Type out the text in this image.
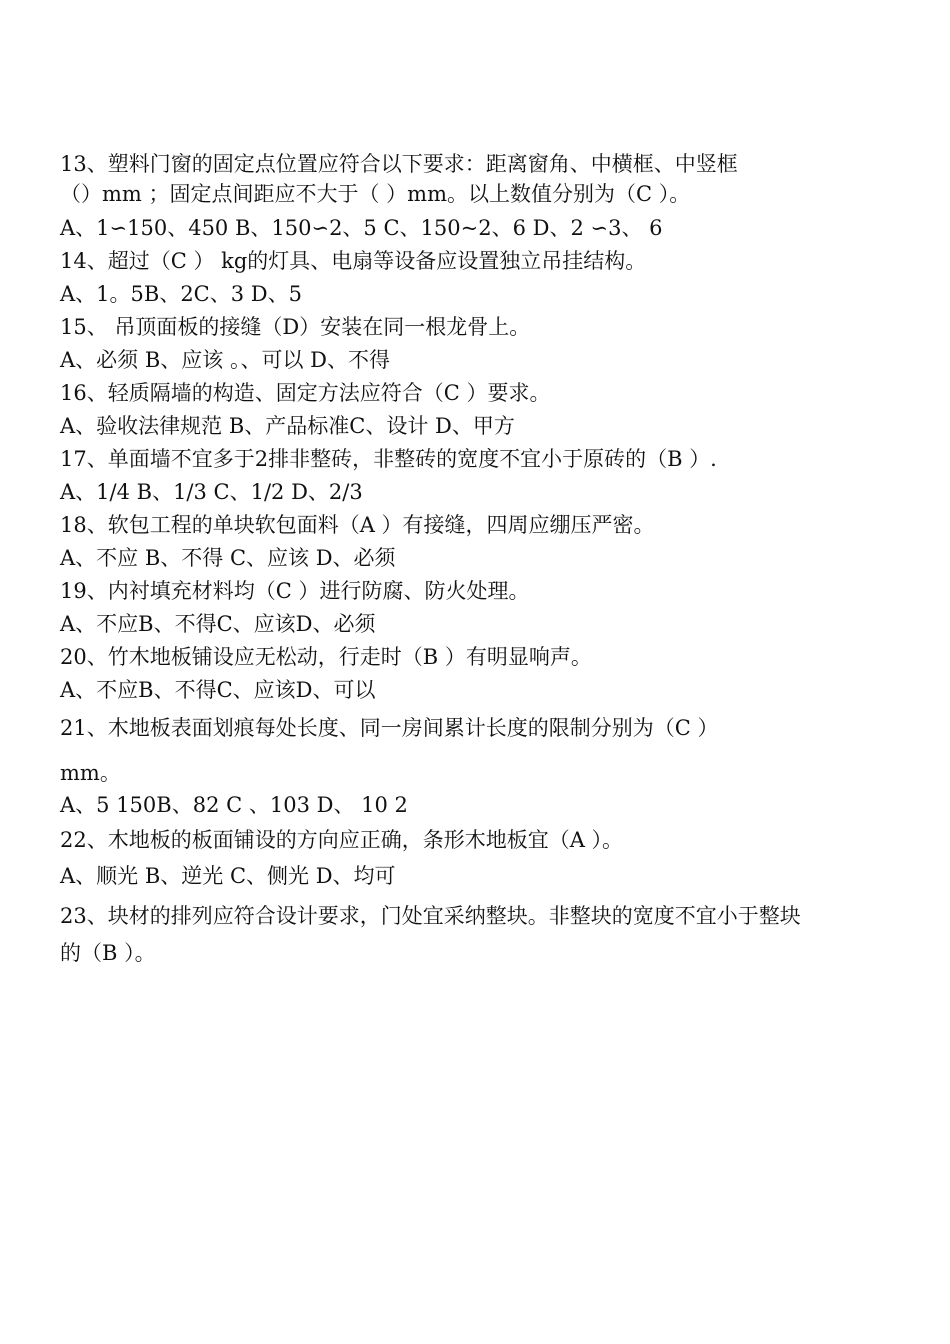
13、塑料门窗的固定点位置应符合以下要求：距离窗角、中横框、中竖框
（）mm ；固定点间距应不大于（ ）mm。以上数值分别为（C ）。
A、1∽150、450 B、150∽2、5 C、150~2、6 D、2 ∽3、 6
14、超过（C ） kg的灯具、电扇等设备应设置独立吊挂结构。
A、1。5B、2C、3 D、5
15、 吊顶面板的接缝（D）安装在同一根龙骨上。
A、必须 B、应该 。、可以 D、不得
16、轻质隔墙的构造、固定方法应符合（C ）要求。
A、验收法律规范 B、产品标准C、设计 D、甲方
17、单面墙不宜多于2排非整砖，非整砖的宽度不宜小于原砖的（B ）.
A、1/4 B、1/3 C、1/2 D、2/3
18、软包工程的单块软包面料（A ）有接缝，四周应绷压严密。
A、不应 B、不得 C、应该 D、必须
19、内衬填充材料均（C ）进行防腐、防火处理。
A、不应B、不得C、应该D、必须
20、竹木地板铺设应无松动，行走时（B ）有明显响声。
A、不应B、不得C、应该D、可以
21、木地板表面划痕每处长度、同一房间累计长度的限制分别为（C ）
mm。
A、5 150B、82 C 、103 D、 10 2
22、木地板的板面铺设的方向应正确，条形木地板宜（A ）。
A、顺光 B、逆光 C、侧光 D、均可
23、块材的排列应符合设计要求，门处宜采纳整块。非整块的宽度不宜小于整块
的（B ）。
